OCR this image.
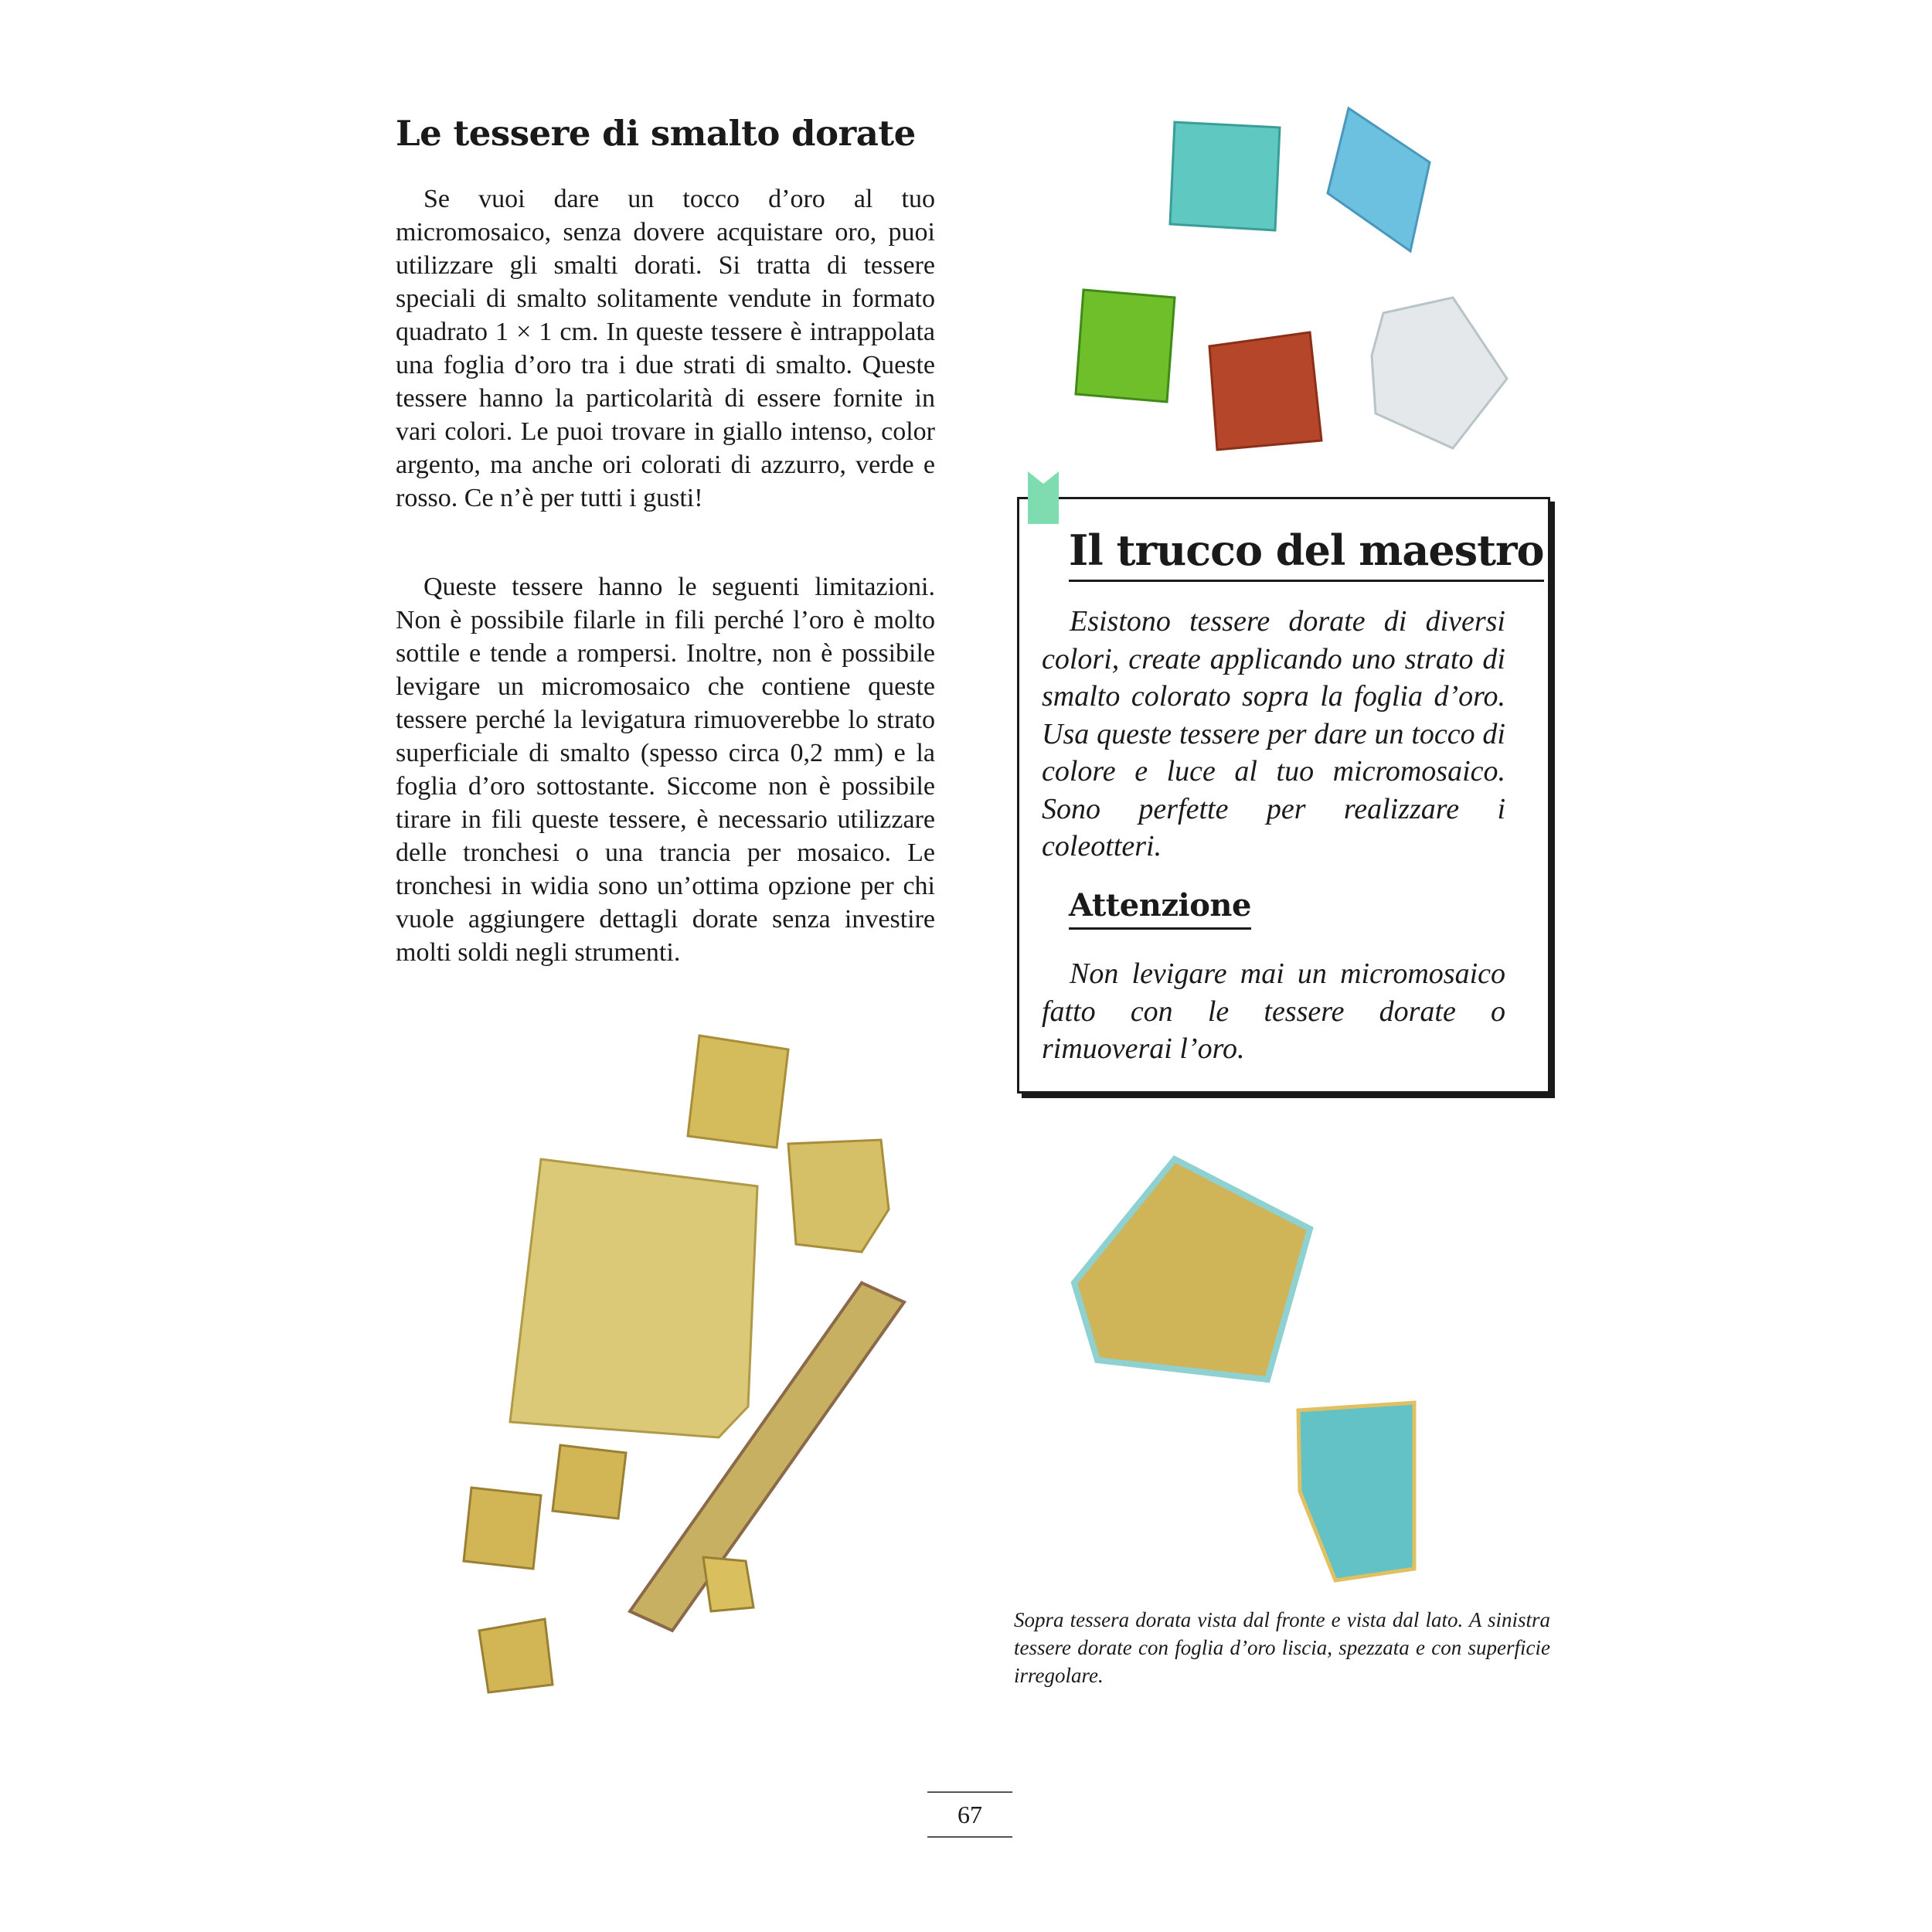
Le tessere di smalto dorate

Se vuoi dare un tocco d’oro al tuo micromosaico, senza dovere acquistare oro, puoi utilizzare gli smalti dorati. Si tratta di tessere speciali di smalto solitamente vendute in formato quadrato 1 × 1 cm. In queste tessere è intrappolata una foglia d’oro tra i due strati di smalto. Queste tessere hanno la particolarità di essere fornite in vari colori. Le puoi trovare in giallo intenso, color argento, ma anche ori colorati di azzurro, verde e rosso. Ce n’è per tutti i gusti!

Queste tessere hanno le seguenti limitazioni. Non è possibile filarle in fili perché l’oro è molto sottile e tende a rompersi. Inoltre, non è possibile levigare un micromosaico che contiene queste tessere perché la levigatura rimuoverebbe lo strato superficiale di smalto (spesso circa 0,2 mm) e la foglia d’oro sottostante. Siccome non è possibile tirare in fili queste tessere, è necessario utilizzare delle tronchesi o una trancia per mosaico. Le tronchesi in widia sono un’ottima opzione per chi vuole aggiungere dettagli dorate senza investire molti soldi negli strumenti.

Il trucco del maestro

Esistono tessere dorate di diversi colori, create applicando uno strato di smalto colorato sopra la foglia d’oro. Usa queste tessere per dare un tocco di colore e luce al tuo micromosaico. Sono perfette per realizzare i coleotteri.

Attenzione

Non levigare mai un micromosaico fatto con le tessere dorate o rimuoverai l’oro.

Sopra tessera dorata vista dal fronte e vista dal lato. A sinistra tessere dorate con foglia d’oro liscia, spezzata e con superficie irregolare.

67
